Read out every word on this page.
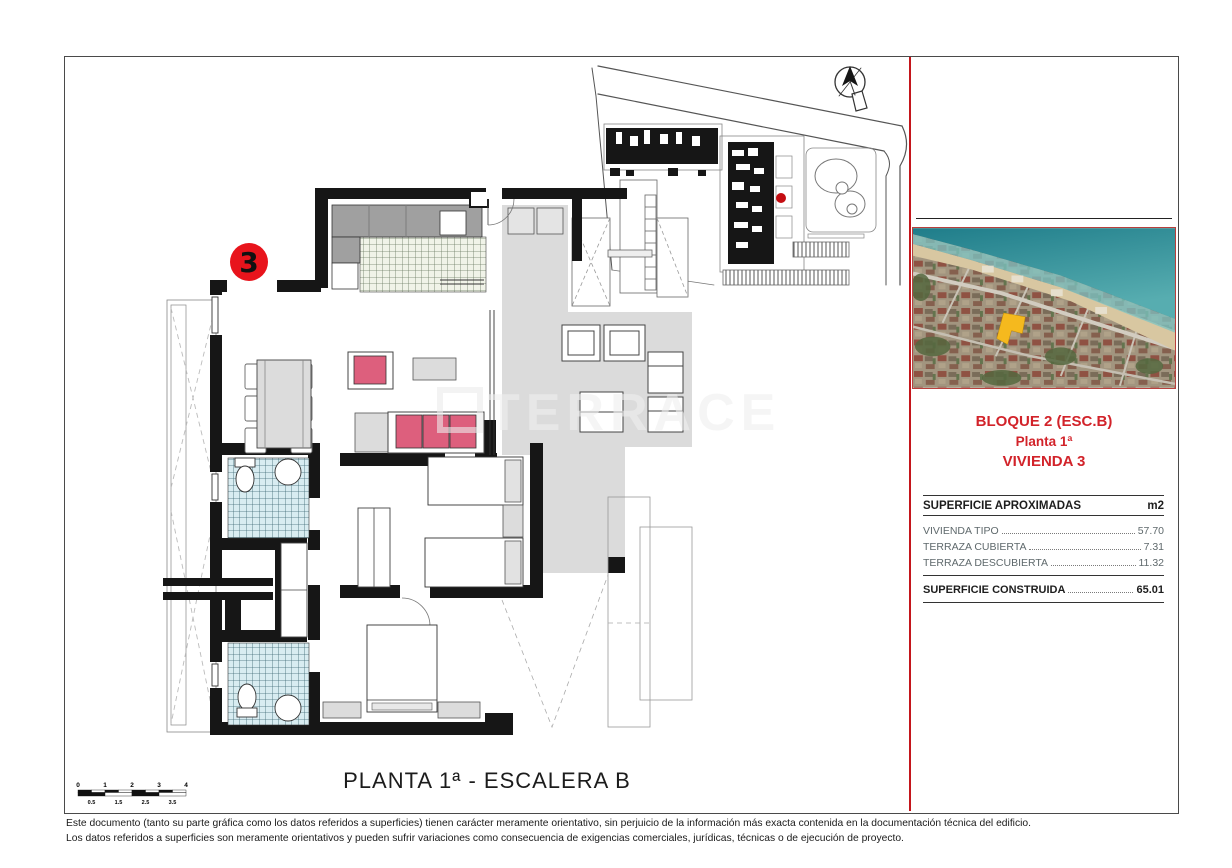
TERRACE
3
0	1	2	3	4
0.5	1.5	2.5	3.5
PLANTA 1ª - ESCALERA B
BLOQUE 2 (ESC.B)
Planta 1ª
VIVIENDA 3
SUPERFICIE APROXIMADAS	m2
VIVIENDA TIPO	57.70
TERRAZA CUBIERTA	7.31
TERRAZA DESCUBIERTA	11.32
SUPERFICIE CONSTRUIDA	65.01
Este documento (tanto su parte gráfica como los datos referidos a superficies) tienen carácter meramente orientativo, sin perjuicio de la información más exacta contenida en la documentación técnica del edificio.
Los datos referidos a superficies son meramente orientativos y pueden sufrir variaciones como consecuencia de exigencias comerciales, jurídicas, técnicas o de ejecución de proyecto.
